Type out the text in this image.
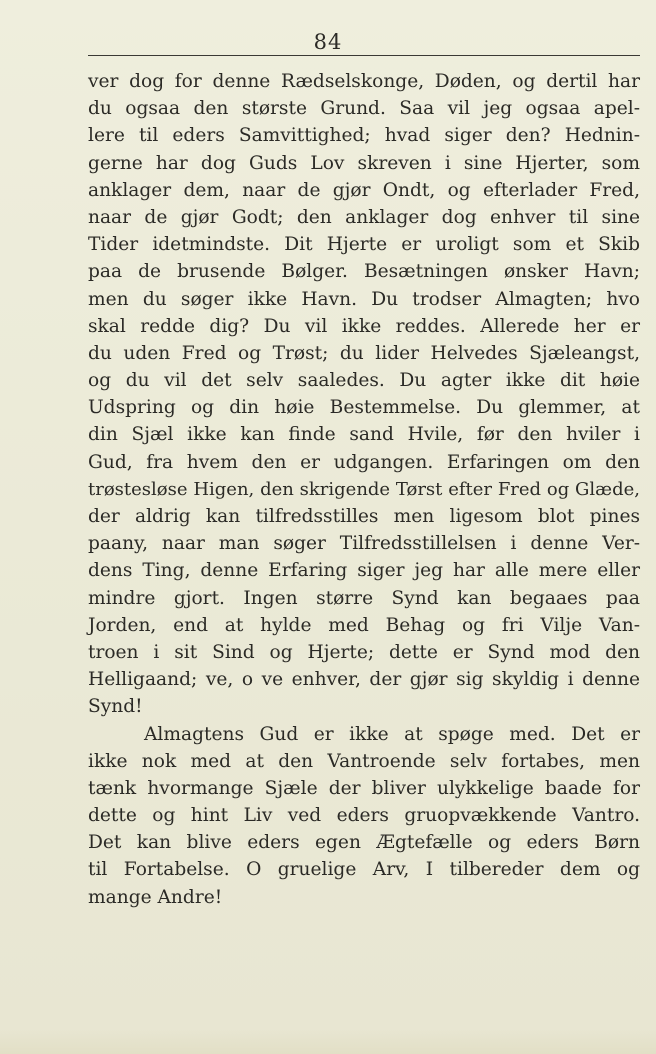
84
ver dog for denne Rædselskonge, Døden, og dertil har
du ogsaa den største Grund. Saa vil jeg ogsaa apel-
lere til eders Samvittighed; hvad siger den? Hednin-
gerne har dog Guds Lov skreven i sine Hjerter, som
anklager dem, naar de gjør Ondt, og efterlader Fred,
naar de gjør Godt; den anklager dog enhver til sine
Tider idetmindste. Dit Hjerte er uroligt som et Skib
paa de brusende Bølger. Besætningen ønsker Havn;
men du søger ikke Havn. Du trodser Almagten; hvo
skal redde dig? Du vil ikke reddes. Allerede her er
du uden Fred og Trøst; du lider Helvedes Sjæleangst,
og du vil det selv saaledes. Du agter ikke dit høie
Udspring og din høie Bestemmelse. Du glemmer, at
din Sjæl ikke kan finde sand Hvile, før den hviler i
Gud, fra hvem den er udgangen. Erfaringen om den
trøstesløse Higen, den skrigende Tørst efter Fred og Glæde,
der aldrig kan tilfredsstilles men ligesom blot pines
paany, naar man søger Tilfredsstillelsen i denne Ver-
dens Ting, denne Erfaring siger jeg har alle mere eller
mindre gjort. Ingen større Synd kan begaaes paa
Jorden, end at hylde med Behag og fri Vilje Van-
troen i sit Sind og Hjerte; dette er Synd mod den
Helligaand; ve, o ve enhver, der gjør sig skyldig i denne
Synd!
Almagtens Gud er ikke at spøge med. Det er
ikke nok med at den Vantroende selv fortabes, men
tænk hvormange Sjæle der bliver ulykkelige baade for
dette og hint Liv ved eders gruopvækkende Vantro.
Det kan blive eders egen Ægtefælle og eders Børn
til Fortabelse. O gruelige Arv, I tilbereder dem og
mange Andre!
